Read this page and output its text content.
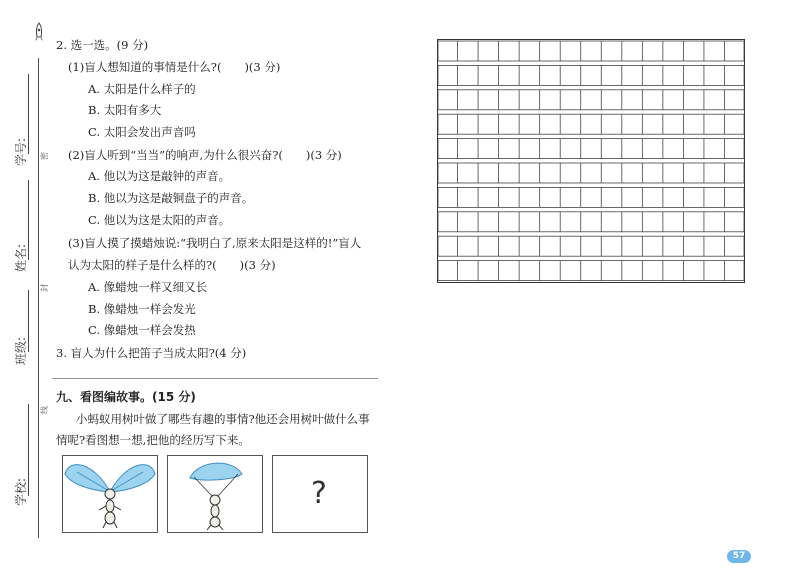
学号: 密
姓名:
封
班级:
线
学校:
2. 选一选。(9 分)
(1)盲人想知道的事情是什么?(　　)(3 分)
A. 太阳是什么样子的
B. 太阳有多大
C. 太阳会发出声音吗
(2)盲人听到“当当”的响声,为什么很兴奋?(　　)(3 分)
A. 他以为这是敲钟的声音。
B. 他以为这是敲铜盘子的声音。
C. 他以为这是太阳的声音。
(3)盲人摸了摸蜡烛说:“我明白了,原来太阳是这样的!”盲人
认为太阳的样子是什么样的?(　　)(3 分)
A. 像蜡烛一样又细又长
B. 像蜡烛一样会发光
C. 像蜡烛一样会发热
3. 盲人为什么把笛子当成太阳?(4 分)
九、看图编故事。(15 分)
小蚂蚁用树叶做了哪些有趣的事情?他还会用树叶做什么事
情呢?看图想一想,把他的经历写下来。
?
57
